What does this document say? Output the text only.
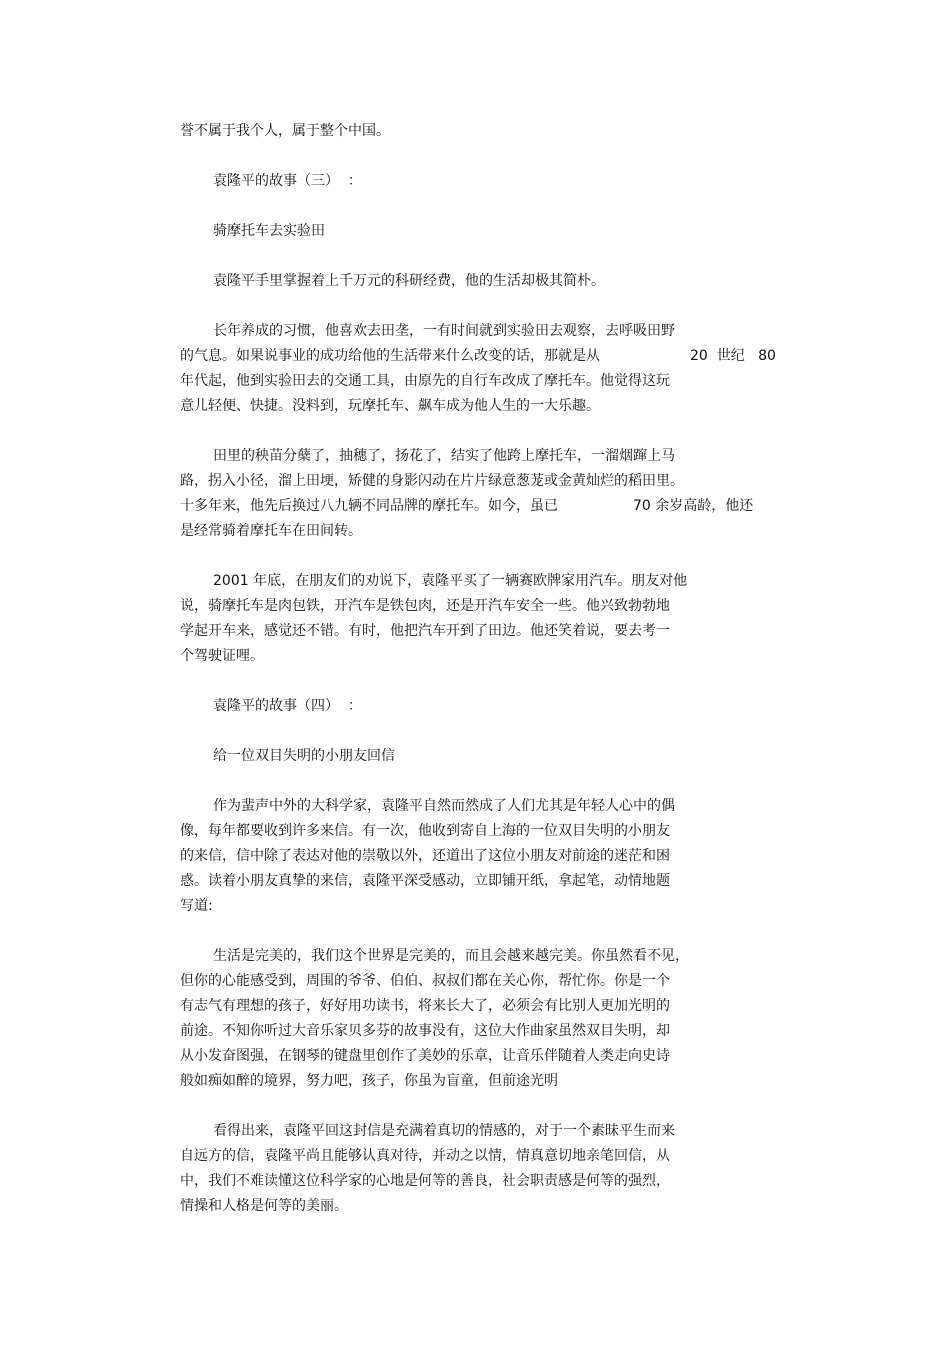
誉不属于我个人，属于整个中国。

袁隆平的故事（三）  ：

骑摩托车去实验田

袁隆平手里掌握着上千万元的科研经费，他的生活却极其简朴。

长年养成的习惯，他喜欢去田垄，一有时间就到实验田去观察，去呼吸田野

的气息。如果说事业的成功给他的生活带来什么改变的话，那就是从	20  世纪   80

年代起，他到实验田去的交通工具，由原先的自行车改成了摩托车。他觉得这玩

意儿轻便、快捷。没料到，玩摩托车、飙车成为他人生的一大乐趣。

田里的秧苗分蘖了，抽穗了，扬花了，结实了他跨上摩托车，一溜烟蹿上马

路，拐入小径，溜上田埂，矫健的身影闪动在片片绿意葱茏或金黄灿烂的稻田里。

十多年来，他先后换过八九辆不同品牌的摩托车。如今，虽已	70 余岁高龄，他还

是经常骑着摩托车在田间转。

2001 年底，在朋友们的劝说下，袁隆平买了一辆赛欧牌家用汽车。朋友对他

说，骑摩托车是肉包铁，开汽车是铁包肉，还是开汽车安全一些。他兴致勃勃地

学起开车来，感觉还不错。有时，他把汽车开到了田边。他还笑着说，要去考一

个驾驶证哩。

袁隆平的故事（四）  ：

给一位双目失明的小朋友回信

作为蜚声中外的大科学家，袁隆平自然而然成了人们尤其是年轻人心中的偶

像，每年都要收到许多来信。有一次，他收到寄自上海的一位双目失明的小朋友

的来信，信中除了表达对他的崇敬以外，还道出了这位小朋友对前途的迷茫和困

惑。读着小朋友真挚的来信，袁隆平深受感动，立即铺开纸，拿起笔，动情地题

写道:

生活是完美的，我们这个世界是完美的，而且会越来越完美。你虽然看不见，

但你的心能感受到，周围的爷爷、伯伯、叔叔们都在关心你，帮忙你。你是一个

有志气有理想的孩子，好好用功读书，将来长大了，必须会有比别人更加光明的

前途。不知你听过大音乐家贝多芬的故事没有，这位大作曲家虽然双目失明，却

从小发奋图强，在钢琴的键盘里创作了美妙的乐章，让音乐伴随着人类走向史诗

般如痴如醉的境界，努力吧，孩子，你虽为盲童，但前途光明

看得出来，袁隆平回这封信是充满着真切的情感的，对于一个素昧平生而来

自远方的信，袁隆平尚且能够认真对待，并动之以情，情真意切地亲笔回信，从

中，我们不难读懂这位科学家的心地是何等的善良，社会职责感是何等的强烈，

情操和人格是何等的美丽。
